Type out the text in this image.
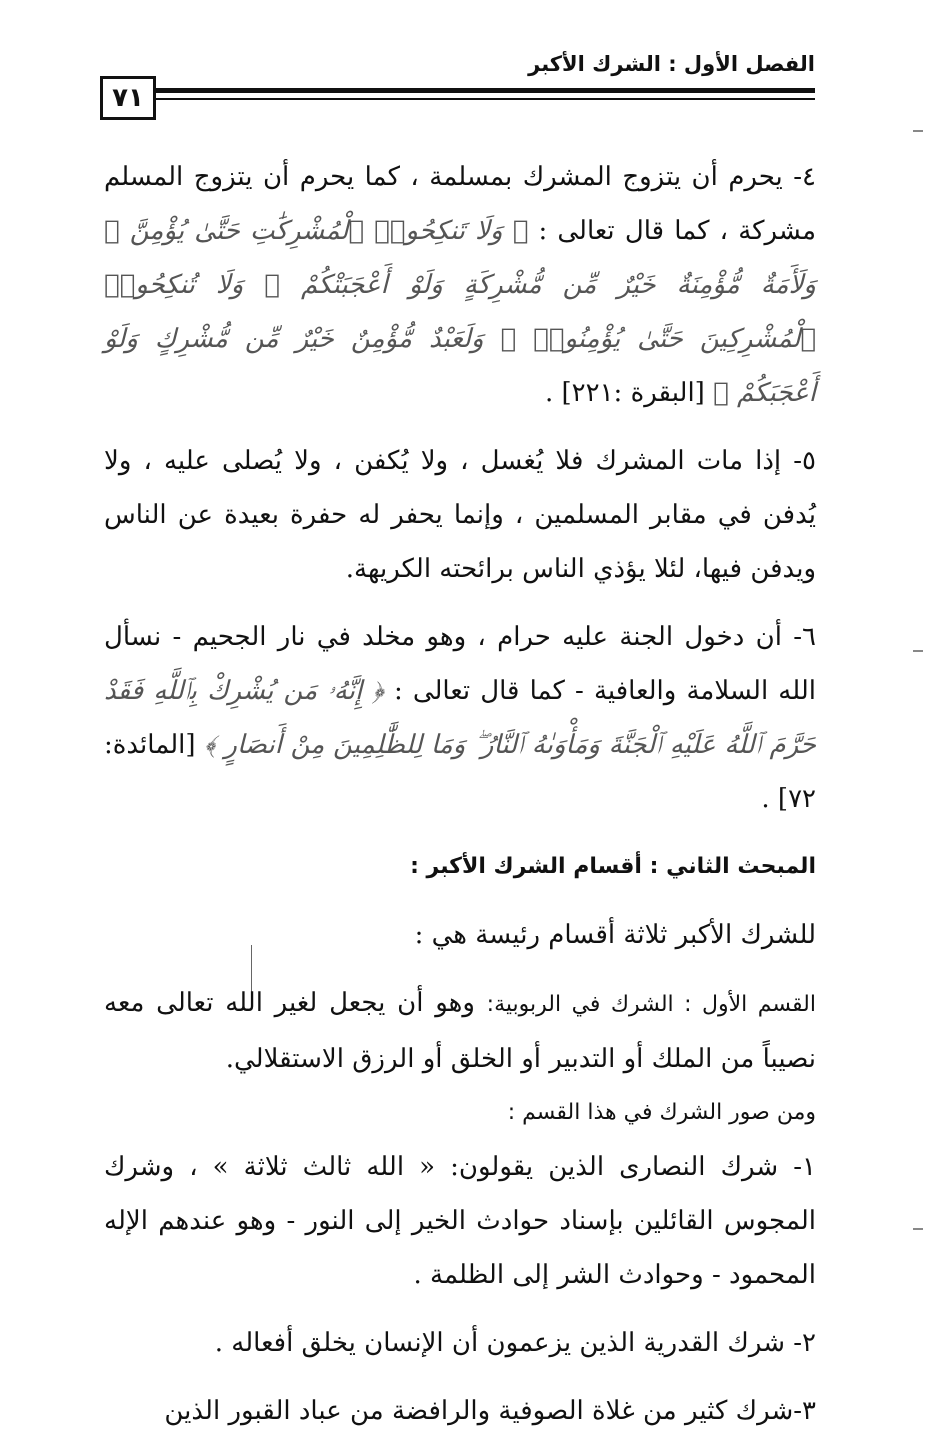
الفصل الأول : الشرك الأكبر
٧١

٤- يحرم أن يتزوج المشرك بمسلمة ، كما يحرم أن يتزوج المسلم مشركة ، كما قال تعالى : ﴿ وَلَا تَنكِحُوا۟ ٱلْمُشْرِكَٰتِ حَتَّىٰ يُؤْمِنَّ ۚ وَلَأَمَةٌ مُّؤْمِنَةٌ خَيْرٌ مِّن مُّشْرِكَةٍ وَلَوْ أَعْجَبَتْكُمْ ۗ وَلَا تُنكِحُوا۟ ٱلْمُشْرِكِينَ حَتَّىٰ يُؤْمِنُوا۟ ۚ وَلَعَبْدٌ مُّؤْمِنٌ خَيْرٌ مِّن مُّشْرِكٍ وَلَوْ أَعْجَبَكُمْ ﴾ [البقرة :٢٢١] .

٥- إذا مات المشرك فلا يُغسل ، ولا يُكفن ، ولا يُصلى عليه ، ولا يُدفن في مقابر المسلمين ، وإنما يحفر له حفرة بعيدة عن الناس ويدفن فيها، لئلا يؤذي الناس برائحته الكريهة.

٦- أن دخول الجنة عليه حرام ، وهو مخلد في نار الجحيم - نسأل الله السلامة والعافية - كما قال تعالى : ﴿ إِنَّهُۥ مَن يُشْرِكْ بِٱللَّهِ فَقَدْ حَرَّمَ ٱللَّهُ عَلَيْهِ ٱلْجَنَّةَ وَمَأْوَىٰهُ ٱلنَّارُ ۖ وَمَا لِلظَّٰلِمِينَ مِنْ أَنصَارٍ ﴾ [المائدة: ٧٢] .

المبحث الثاني : أقسام الشرك الأكبر :

للشرك الأكبر ثلاثة أقسام رئيسة هي :

القسم الأول : الشرك في الربوبية: وهو أن يجعل لغير الله تعالى معه نصيباً من الملك أو التدبير أو الخلق أو الرزق الاستقلالي.

ومن صور الشرك في هذا القسم :

١- شرك النصارى الذين يقولون: « الله ثالث ثلاثة » ، وشرك المجوس القائلين بإسناد حوادث الخير إلى النور - وهو عندهم الإله المحمود - وحوادث الشر إلى الظلمة .

٢- شرك القدرية الذين يزعمون أن الإنسان يخلق أفعاله .

٣-شرك كثير من غلاة الصوفية والرافضة من عباد القبور الذين
